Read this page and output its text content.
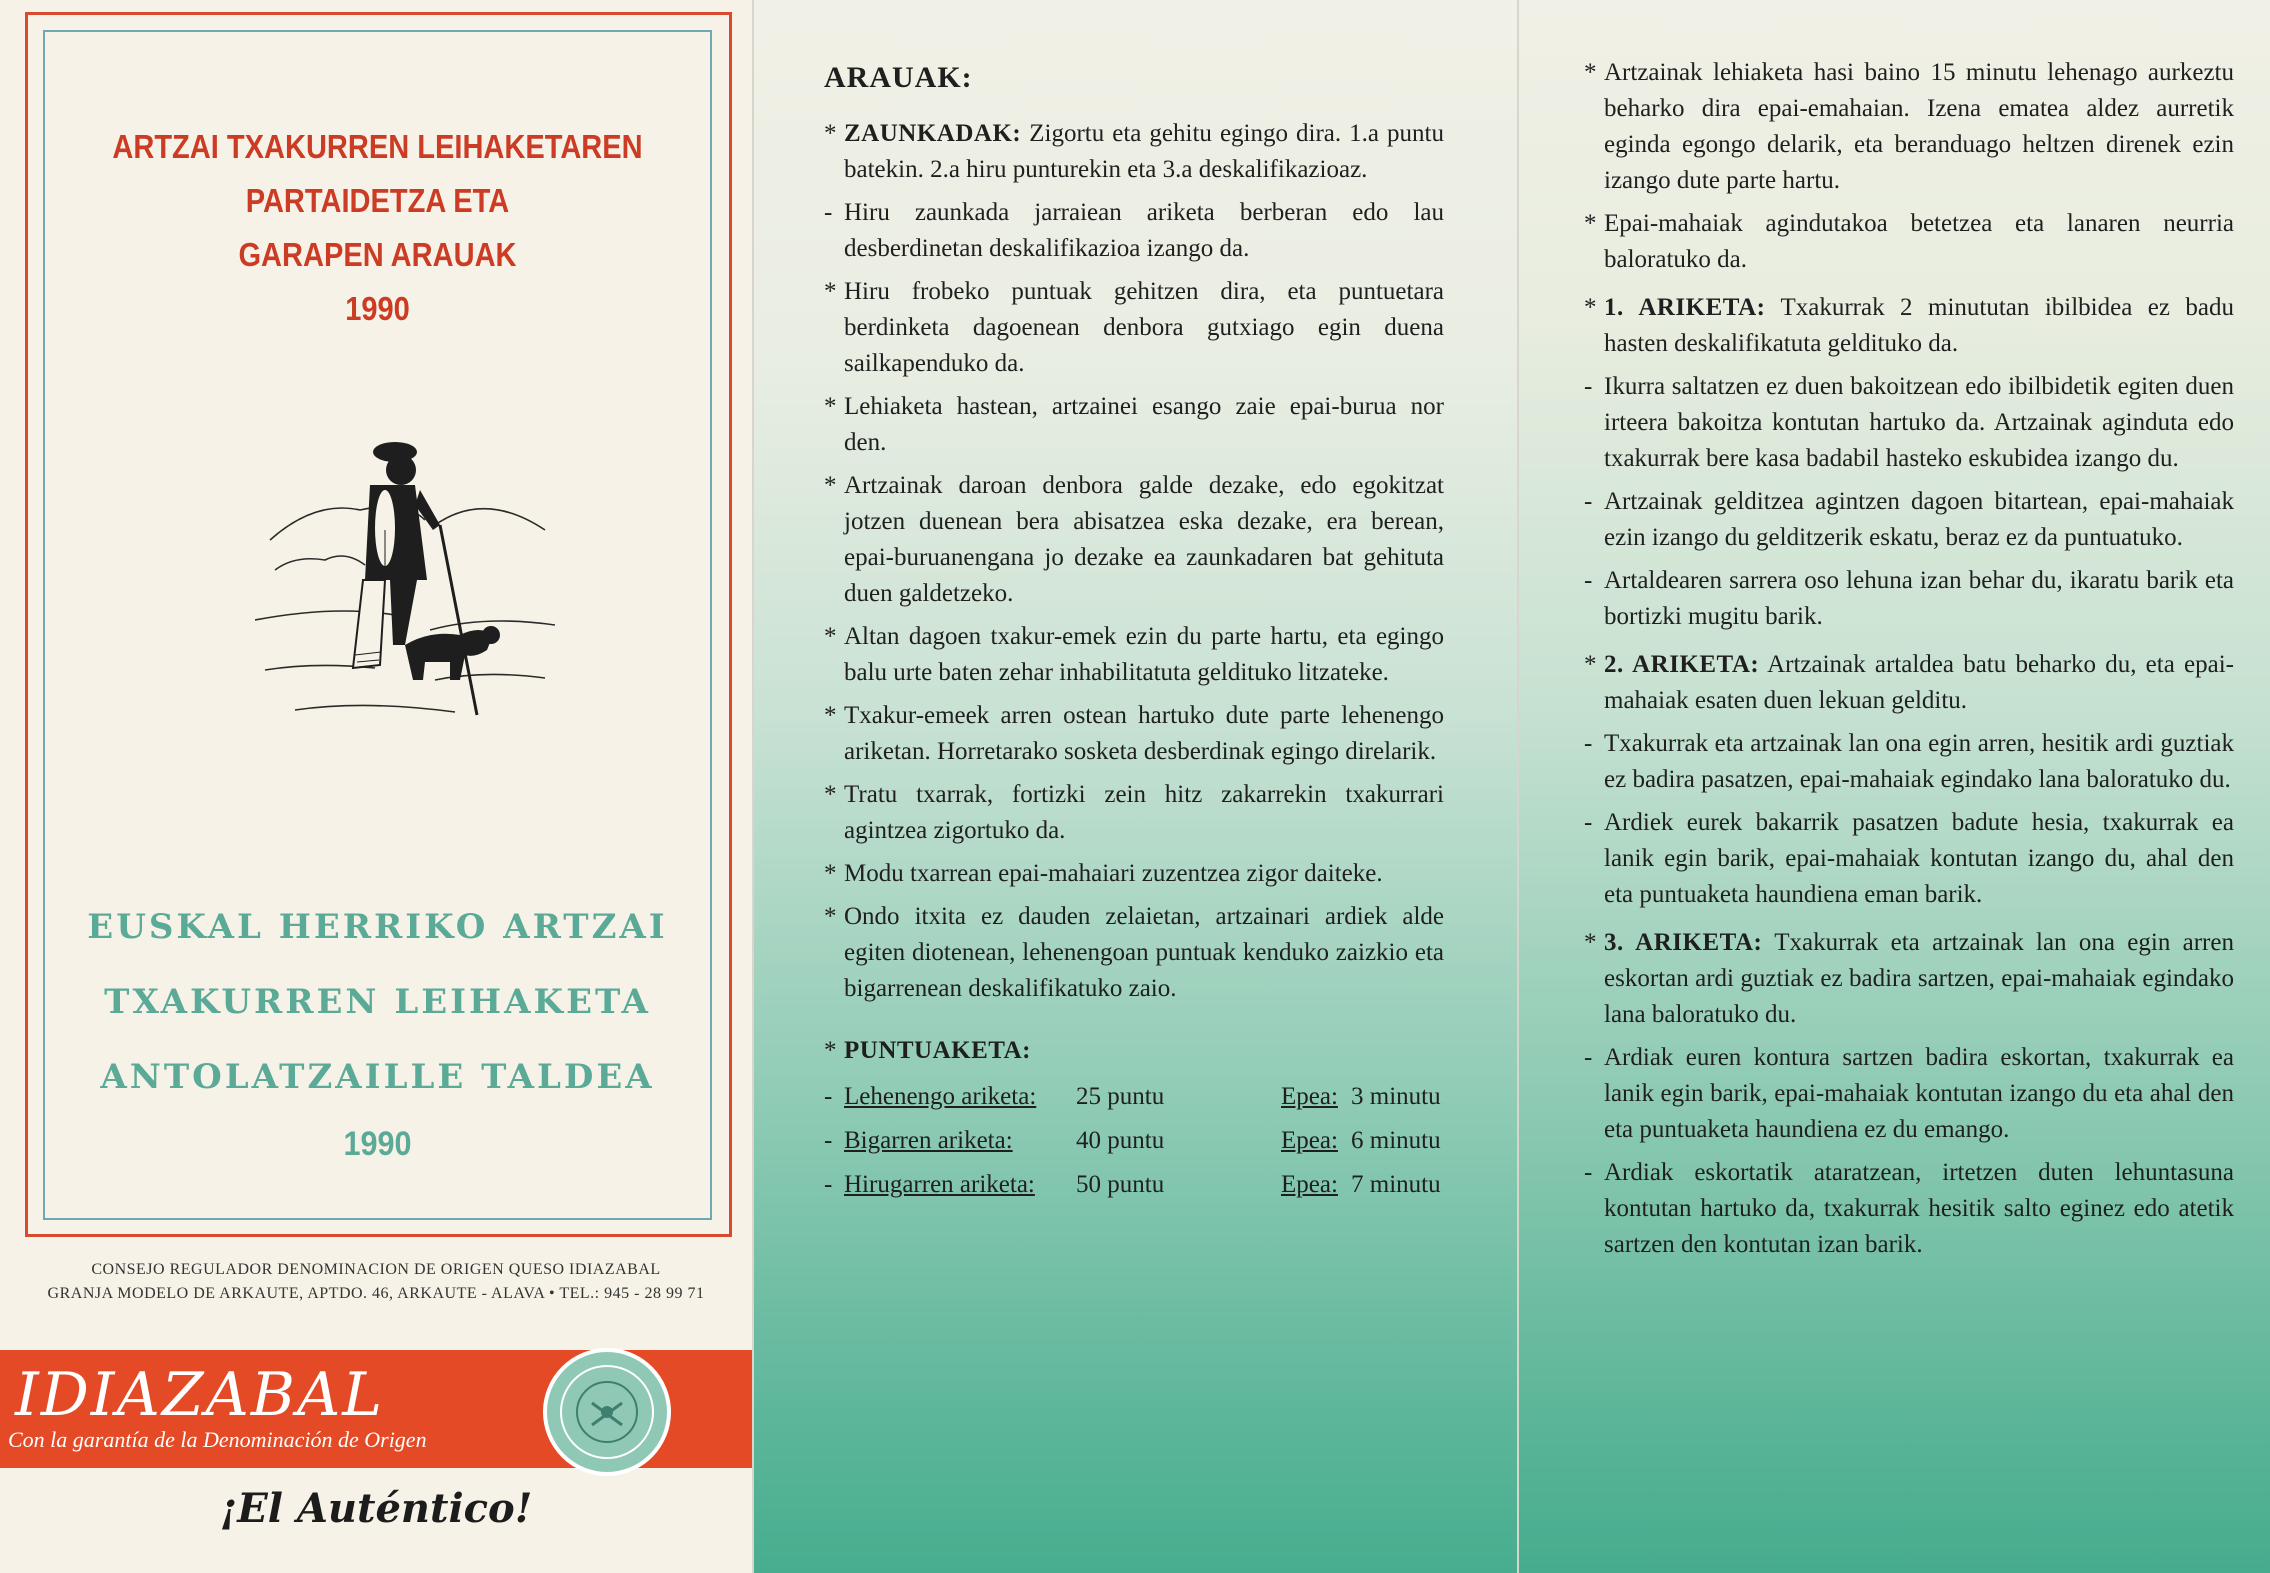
ARTZAI TXAKURREN LEIHAKETAREN
PARTAIDETZA ETA
GARAPEN ARAUAK
1990
EUSKAL HERRIKO ARTZAI
TXAKURREN LEIHAKETA
ANTOLATZAILLE TALDEA
1990
CONSEJO REGULADOR DENOMINACION DE ORIGEN QUESO IDIAZABAL
GRANJA MODELO DE ARKAUTE, APTDO. 46, ARKAUTE - ALAVA • TEL.: 945 - 28 99 71
IDIAZABAL
Con la garantía de la Denominación de Origen
¡El Auténtico!
ARAUAK:
* ZAUNKADAK: Zigortu eta gehitu egingo dira. 1.a puntu batekin. 2.a hiru punturekin eta 3.a deskalifikazioaz.
- Hiru zaunkada jarraiean ariketa berberan edo lau desberdinetan deskalifikazioa izango da.
* Hiru frobeko puntuak gehitzen dira, eta puntuetara berdinketa dagoenean denbora gutxiago egin duena sailkapenduko da.
* Lehiaketa hastean, artzainei esango zaie epai-burua nor den.
* Artzainak daroan denbora galde dezake, edo egokitzat jotzen duenean bera abisatzea eska dezake, era berean, epai-buruanengana jo dezake ea zaunkadaren bat gehituta duen galdetzeko.
* Altan dagoen txakur-emek ezin du parte hartu, eta egingo balu urte baten zehar inhabilitatuta geldituko litzateke.
* Txakur-emeek arren ostean hartuko dute parte lehenengo ariketan. Horretarako sosketa desberdinak egingo direlarik.
* Tratu txarrak, fortizki zein hitz zakarrekin txakurrari agintzea zigortuko da.
* Modu txarrean epai-mahaiari zuzentzea zigor daiteke.
* Ondo itxita ez dauden zelaietan, artzainari ardiek alde egiten diotenean, lehenengoan puntuak kenduko zaizkio eta bigarrenean deskalifikatuko zaio.
* PUNTUAKETA:
- Lehenengo ariketa:	25 puntu	Epea: 3 minutu
- Bigarren ariketa:	40 puntu	Epea: 6 minutu
- Hirugarren ariketa:	50 puntu	Epea: 7 minutu
* Artzainak lehiaketa hasi baino 15 minutu lehenago aurkeztu beharko dira epai-emahaian. Izena ematea aldez aurretik eginda egongo delarik, eta beranduago heltzen direnek ezin izango dute parte hartu.
* Epai-mahaiak agindutakoa betetzea eta lanaren neurria baloratuko da.
* 1. ARIKETA: Txakurrak 2 minututan ibilbidea ez badu hasten deskalifikatuta geldituko da.
- Ikurra saltatzen ez duen bakoitzean edo ibilbidetik egiten duen irteera bakoitza kontutan hartuko da. Artzainak aginduta edo txakurrak bere kasa badabil hasteko eskubidea izango du.
- Artzainak gelditzea agintzen dagoen bitartean, epai-mahaiak ezin izango du gelditzerik eskatu, beraz ez da puntuatuko.
- Artaldearen sarrera oso lehuna izan behar du, ikaratu barik eta bortizki mugitu barik.
* 2. ARIKETA: Artzainak artaldea batu beharko du, eta epai-mahaiak esaten duen lekuan gelditu.
- Txakurrak eta artzainak lan ona egin arren, hesitik ardi guztiak ez badira pasatzen, epai-mahaiak egindako lana baloratuko du.
- Ardiek eurek bakarrik pasatzen badute hesia, txakurrak ea lanik egin barik, epai-mahaiak kontutan izango du, ahal den eta puntuaketa haundiena eman barik.
* 3. ARIKETA: Txakurrak eta artzainak lan ona egin arren eskortan ardi guztiak ez badira sartzen, epai-mahaiak egindako lana baloratuko du.
- Ardiak euren kontura sartzen badira eskortan, txakurrak ea lanik egin barik, epai-mahaiak kontutan izango du eta ahal den eta puntuaketa haundiena ez du emango.
- Ardiak eskortatik ataratzean, irtetzen duten lehuntasuna kontutan hartuko da, txakurrak hesitik salto eginez edo atetik sartzen den kontutan izan barik.
